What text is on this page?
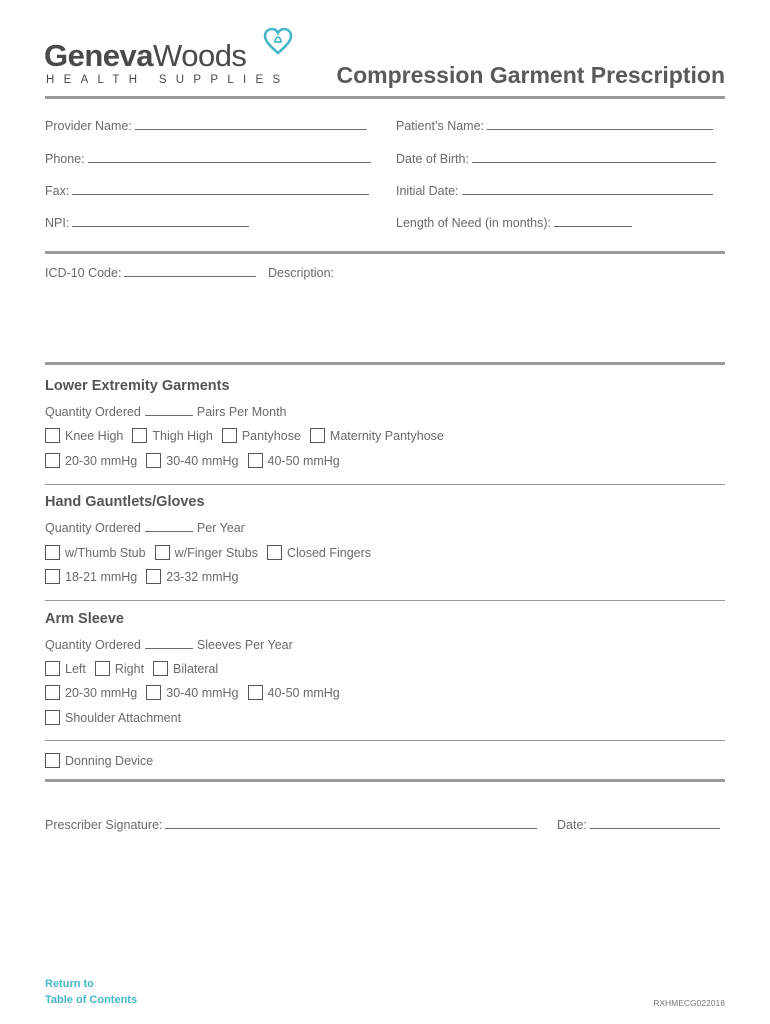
GenevaWoods
HEALTH SUPPLIES Compression Garment Prescription
Provider Name:	Patient’s Name:
Phone:	Date of Birth:
Fax:	Initial Date:
NPI:	Length of Need (in months):
ICD-10 Code:	Description:
Lower Extremity Garments
Quantity Ordered	Pairs Per Month
Knee High Thigh High Pantyhose Maternity Pantyhose
20-30 mmHg 30-40 mmHg 40-50 mmHg
Hand Gauntlets/Gloves
Quantity Ordered	Per Year
w/Thumb Stub w/Finger Stubs Closed Fingers
18-21 mmHg 23-32 mmHg
Arm Sleeve
Quantity Ordered	Sleeves Per Year
Left Right Bilateral
20-30 mmHg 30-40 mmHg 40-50 mmHg
Shoulder Attachment
Donning Device
Prescriber Signature:	Date:
Return to
Table of Contents	RXHMECG022018
